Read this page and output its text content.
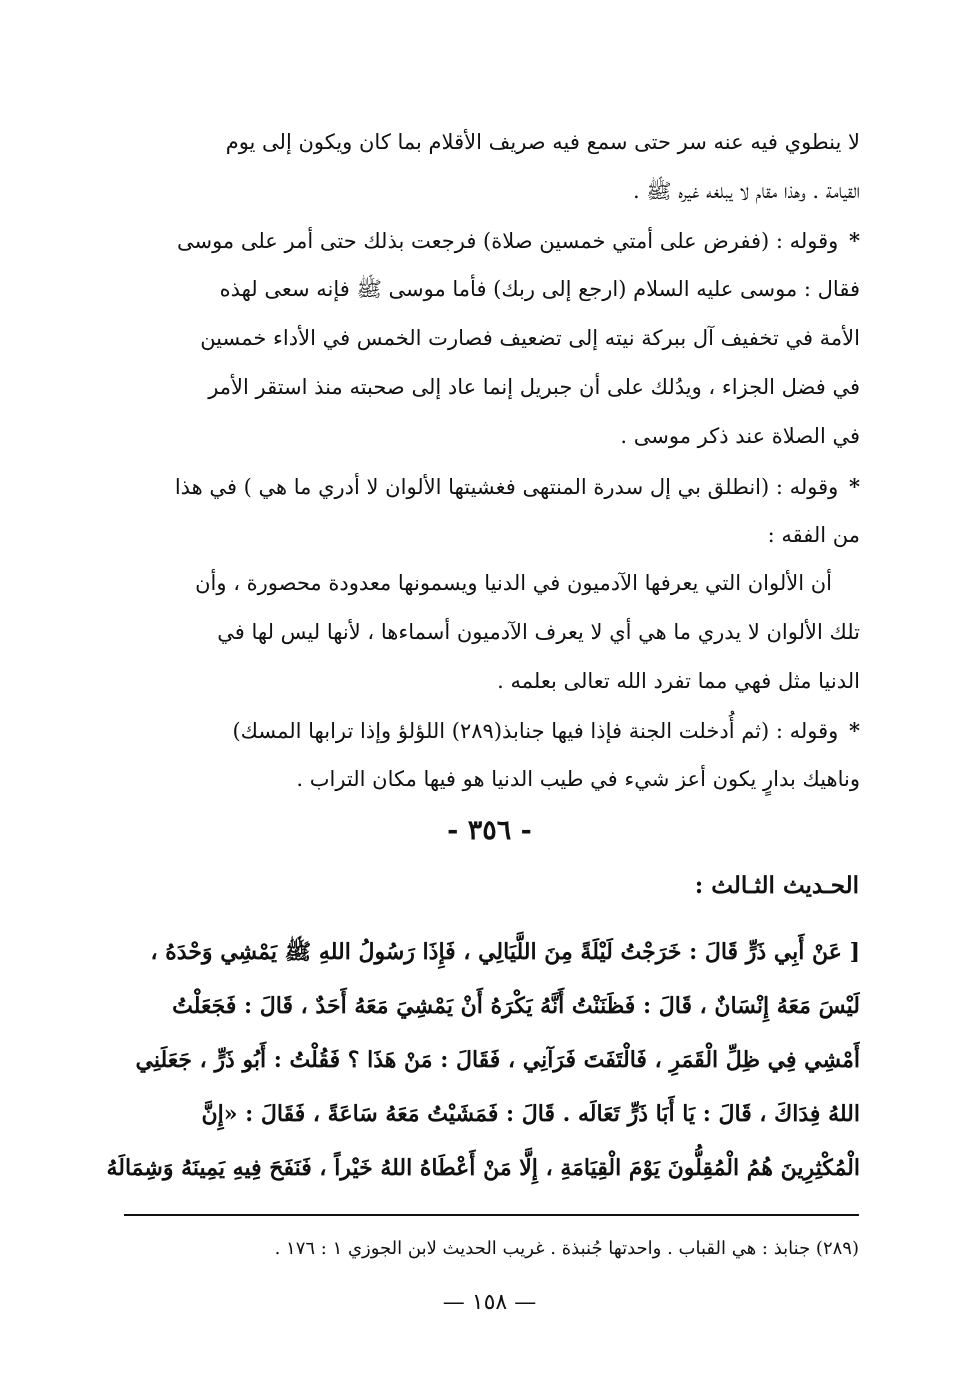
لا ينطوي فيه عنه سر حتى سمع فيه صريف الأقلام بما كان ويكون إلى يوم
القيامة . وهذا مقام لا يبلغه غيره ﷺ .
* وقوله : (ففرض على أمتي خمسين صلاة) فرجعت بذلك حتى أمر على موسى
فقال : موسى عليه السلام (ارجع إلى ربك) فأما موسى ﷺ فإنه سعى لهذه
الأمة في تخفيف آل ببركة نيته إلى تضعيف فصارت الخمس في الأداء خمسين
في فضل الجزاء ، ويدُلك على أن جبريل إنما عاد إلى صحبته منذ استقر الأمر
في الصلاة عند ذكر موسى .
* وقوله : (انطلق بي إل سدرة المنتهى فغشيتها الألوان لا أدري ما هي ) في هذا
من الفقه :
أن الألوان التي يعرفها الآدميون في الدنيا ويسمونها معدودة محصورة ، وأن
تلك الألوان لا يدري ما هي أي لا يعرف الآدميون أسماءها ، لأنها ليس لها في
الدنيا مثل فهي مما تفرد الله تعالى بعلمه .
* وقوله : (ثم أُدخلت الجنة فإذا فيها جنابذ(٢٨٩) اللؤلؤ وإذا ترابها المسك)
وناهيك بدارٍ يكون أعز شيء في طيب الدنيا هو فيها مكان التراب .
- ٣٥٦ -
الحـديث الثـالث :
[ عَنْ أَبِي ذَرٍّ قَالَ : خَرَجْتُ لَيْلَةً مِنَ اللَّيَالِي ، فَإِذَا رَسُولُ اللهِ ﷺ يَمْشِي وَحْدَهُ ،
لَيْسَ مَعَهُ إِنْسَانٌ ، قَالَ : فَظَنَنْتُ أَنَّهُ يَكْرَهُ أَنْ يَمْشِيَ مَعَهُ أَحَدٌ ، قَالَ : فَجَعَلْتُ
أَمْشِي فِي ظِلِّ الْقَمَرِ ، فَالْتَفَتَ فَرَآنِي ، فَقَالَ : مَنْ هَذَا ؟ فَقُلْتُ : أَبُو ذَرٍّ ، جَعَلَنِي
اللهُ فِدَاكَ ، قَالَ : يَا أَبَا ذَرٍّ تَعَالَه . قَالَ : فَمَشَيْتُ مَعَهُ سَاعَةً ، فَقَالَ : «إِنَّ
الْمُكْثِرِينَ هُمُ الْمُقِلُّونَ يَوْمَ الْقِيَامَةِ ، إِلَّا مَنْ أَعْطَاهُ اللهُ خَيْراً ، فَنَفَحَ فِيهِ يَمِينَهُ وَشِمَالَهُ
(٢٨٩) جنابذ : هي القباب . واحدتها جُنبذة . غريب الحديث لابن الجوزي ١ : ١٧٦ .
— ١٥٨ —
